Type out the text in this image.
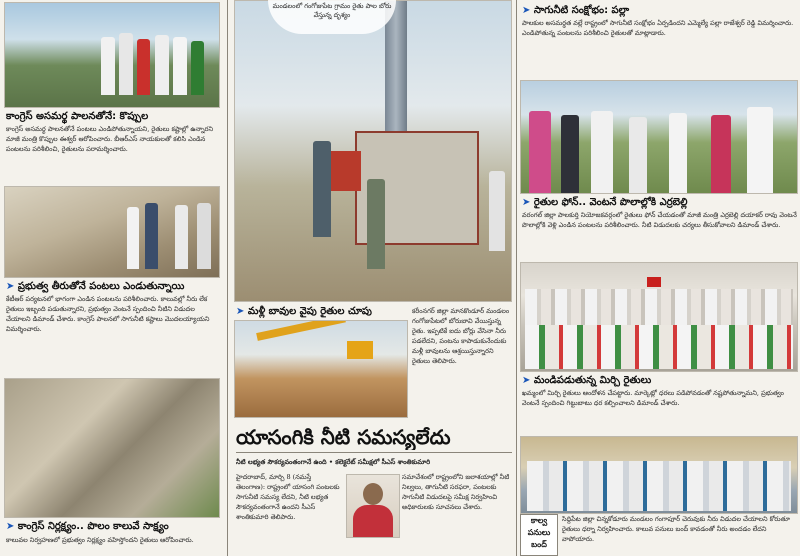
కాంగ్రెస్ అసమర్థ పాలనతోనే: కొప్పుల
కాంగ్రెస్ అసమర్థ పాలనతోనే పంటలు ఎండిపోతున్నాయని, రైతులు కష్టాల్లో ఉన్నారని మాజీ మంత్రి కొప్పుల ఈశ్వర్ ఆరోపించారు. బీఆర్ఎస్ నాయకులతో కలిసి ఎండిన పంటలను పరిశీలించి, రైతులను పరామర్శించారు.
➤ ప్రభుత్వ తీరుతోనే పంటలు ఎండుతున్నాయి
కేటీఆర్ పర్యటనలో భాగంగా ఎండిన పంటలను పరిశీలించారు. కాలువల్లో నీరు లేక రైతులు ఇబ్బంది పడుతున్నారని, ప్రభుత్వం వెంటనే స్పందించి నీటిని విడుదల చేయాలని డిమాండ్ చేశారు. కాంగ్రెస్ పాలనలో సాగునీటి కష్టాలు మొదలయ్యాయని విమర్శించారు.
➤ కాంగ్రెస్ నిర్లక్ష్యం.. పొలం కాలువే సాక్ష్యం
కాలువల నిర్వహణలో ప్రభుత్వం నిర్లక్ష్యం వహిస్తోందని రైతులు ఆరోపించారు.
మండలంలో గంగోజుపేట గ్రామం రైతు పాల బోరు వేస్తున్న దృశ్యం
➤ మళ్లీ బావుల వైపు రైతుల చూపు	కరీంనగర్ జిల్లా మానకొండూర్ మండలం గంగోజుపేటలో బోరుబావి వేయిస్తున్న రైతు. ఇప్పటికే ఐదు బోర్లు వేసినా నీరు పడలేదని, పంటను కాపాడుకునేందుకు మళ్లీ బావులను ఆశ్రయిస్తున్నారని రైతులు తెలిపారు.
యాసంగికి నీటి సమస్యలేదు
నీటి లభ్యత సౌకర్యవంతంగానే ఉంది • కలెక్టరేట్ సమీక్షలో సీఎస్ శాంతికుమారి
హైదరాబాద్, మార్చి 8 (నమస్తే తెలంగాణ): రాష్ట్రంలో యాసంగి పంటలకు సాగునీటి సమస్య లేదని, నీటి లభ్యత సౌకర్యవంతంగానే ఉందని సీఎస్ శాంతికుమారి తెలిపారు.
సమావేశంలో రాష్ట్రంలోని జలాశయాల్లో నీటి నిల్వలు, తాగునీటి సరఫరా, పంటలకు సాగునీటి విడుదలపై సమీక్ష నిర్వహించి అధికారులకు సూచనలు చేశారు.
➤ సాగునీటి సంక్షోభం: పల్లా
పాలకుల అసమర్థత వల్లే రాష్ట్రంలో సాగునీటి సంక్షోభం ఏర్పడిందని ఎమ్మెల్యే పల్లా రాజేశ్వర్ రెడ్డి విమర్శించారు. ఎండిపోతున్న పంటలను పరిశీలించి రైతులతో మాట్లాడారు.
➤ రైతుల ఫోన్.. వెంటనే పొలాల్లోకి ఎర్రబెల్లి
వరంగల్ జిల్లా పాలకుర్తి నియోజకవర్గంలో రైతులు ఫోన్ చేయడంతో మాజీ మంత్రి ఎర్రబెల్లి దయాకర్ రావు వెంటనే పొలాల్లోకి వెళ్లి ఎండిన పంటలను పరిశీలించారు. నీటి విడుదలకు చర్యలు తీసుకోవాలని డిమాండ్ చేశారు.
➤ మండిపడుతున్న మిర్చి రైతులు
ఖమ్మంలో మిర్చి రైతులు ఆందోళన చేపట్టారు. మార్కెట్లో ధరలు పడిపోవడంతో నష్టపోతున్నామని, ప్రభుత్వం వెంటనే స్పందించి గిట్టుబాటు ధర కల్పించాలని డిమాండ్ చేశారు.
కాల్వ
పనులు
బంద్
సిద్దిపేట జిల్లా చిన్నకోడూరు మండలం గంగాపూర్ చెరువుకు నీరు విడుదల చేయాలని కోరుతూ రైతులు ధర్నా నిర్వహించారు. కాలువ పనులు బంద్ కావడంతో నీరు అందడం లేదని వాపోయారు.
